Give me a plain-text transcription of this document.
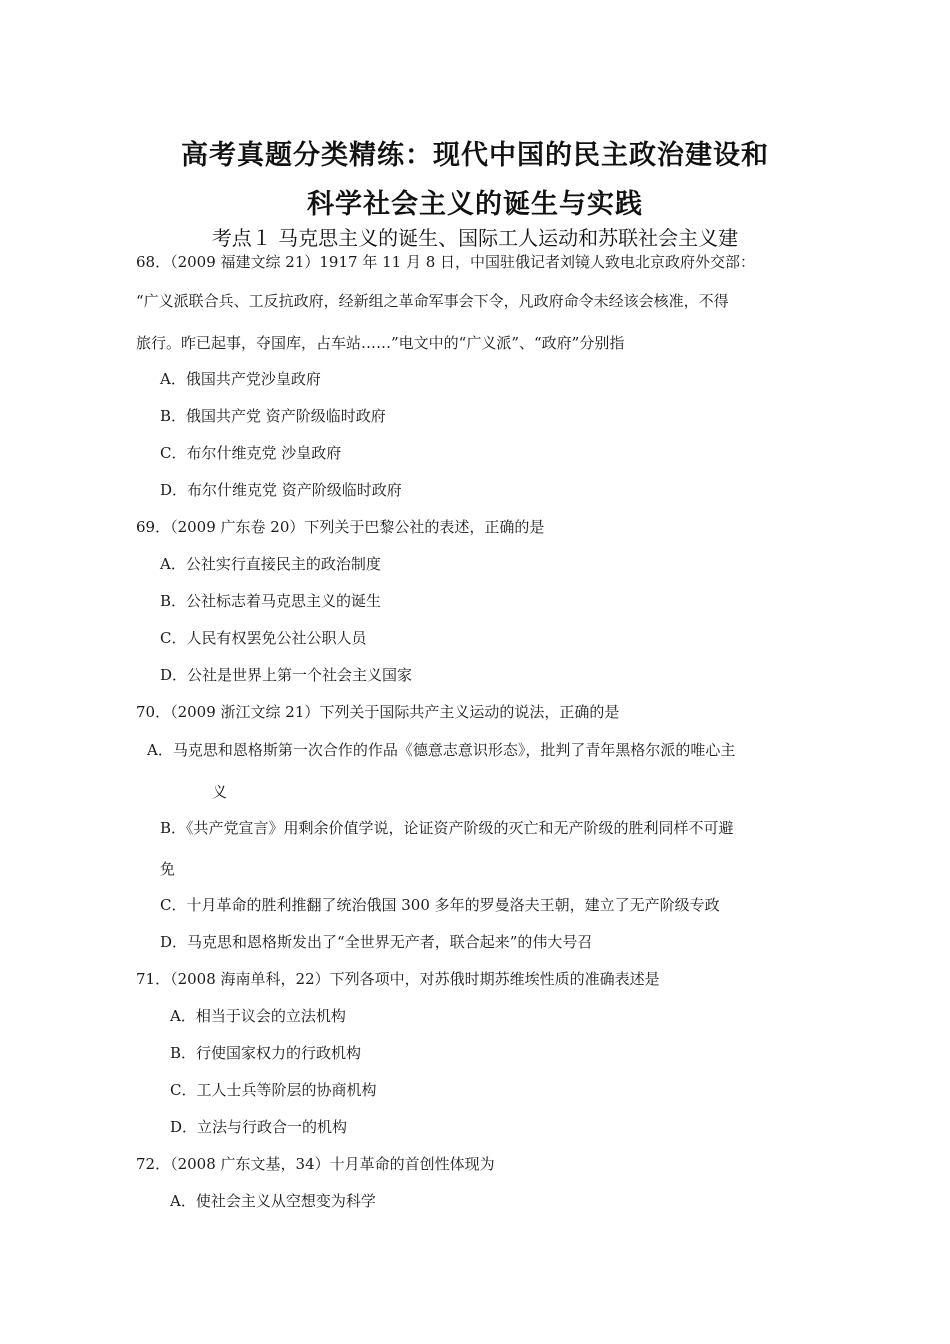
高考真题分类精练：现代中国的民主政治建设和
科学社会主义的诞生与实践
考点１ 马克思主义的诞生、国际工人运动和苏联社会主义建
68．（2009 福建文综 21）1917 年 11 月 8 日，中国驻俄记者刘镜人致电北京政府外交部：
“广义派联合兵、工反抗政府，经新组之革命军事会下令，凡政府命令未经该会核准，不得
旅行。昨已起事，夺国库，占车站……”电文中的“广义派”、“政府”分别指
A．俄国共产党沙皇政府
B．俄国共产党 资产阶级临时政府
C．布尔什维克党 沙皇政府
D．布尔什维克党 资产阶级临时政府
69．（2009 广东卷 20）下列关于巴黎公社的表述，正确的是
A．公社实行直接民主的政治制度
B．公社标志着马克思主义的诞生
C．人民有权罢免公社公职人员
D．公社是世界上第一个社会主义国家
70．（2009 浙江文综 21）下列关于国际共产主义运动的说法，正确的是
A．马克思和恩格斯第一次合作的作品《德意志意识形态》，批判了青年黑格尔派的唯心主
义
B．《共产党宣言》用剩余价值学说，论证资产阶级的灭亡和无产阶级的胜利同样不可避
免
C．十月革命的胜利推翻了统治俄国 300 多年的罗曼洛夫王朝，建立了无产阶级专政
D．马克思和恩格斯发出了“全世界无产者，联合起来”的伟大号召
71．（2008 海南单科，22）下列各项中，对苏俄时期苏维埃性质的准确表述是
A．相当于议会的立法机构
B．行使国家权力的行政机构
C．工人士兵等阶层的协商机构
D．立法与行政合一的机构
72．（2008 广东文基，34）十月革命的首创性体现为
A．使社会主义从空想变为科学
